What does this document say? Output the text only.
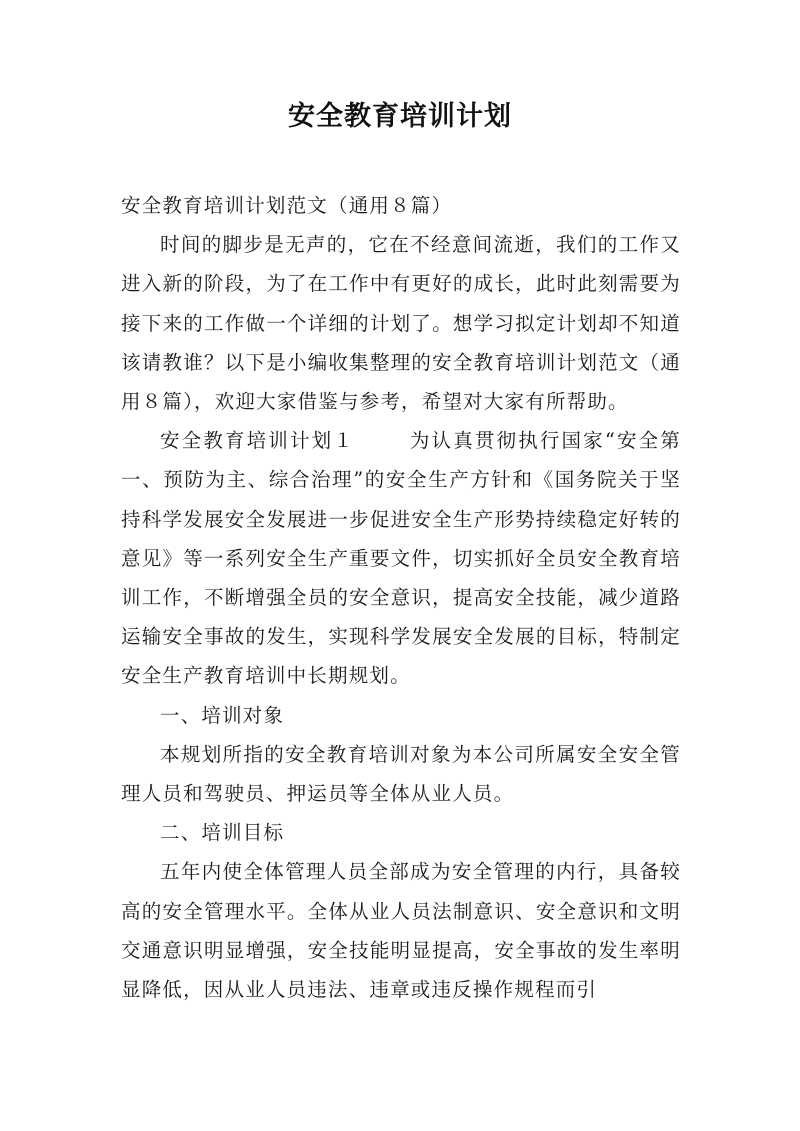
安全教育培训计划

安全教育培训计划范文（通用８篇）

时间的脚步是无声的，它在不经意间流逝，我们的工作又进入新的阶段，为了在工作中有更好的成长，此时此刻需要为接下来的工作做一个详细的计划了。想学习拟定计划却不知道该请教谁？以下是小编收集整理的安全教育培训计划范文（通用８篇），欢迎大家借鉴与参考，希望对大家有所帮助。

安全教育培训计划１	为认真贯彻执行国家“安全第一、预防为主、综合治理”的安全生产方针和《国务院关于坚持科学发展安全发展进一步促进安全生产形势持续稳定好转的意见》等一系列安全生产重要文件，切实抓好全员安全教育培训工作，不断增强全员的安全意识，提高安全技能，减少道路运输安全事故的发生，实现科学发展安全发展的目标，特制定安全生产教育培训中长期规划。

一、培训对象

本规划所指的安全教育培训对象为本公司所属安全安全管理人员和驾驶员、押运员等全体从业人员。

二、培训目标

五年内使全体管理人员全部成为安全管理的内行，具备较高的安全管理水平。全体从业人员法制意识、安全意识和文明交通意识明显增强，安全技能明显提高，安全事故的发生率明显降低，因从业人员违法、违章或违反操作规程而引
